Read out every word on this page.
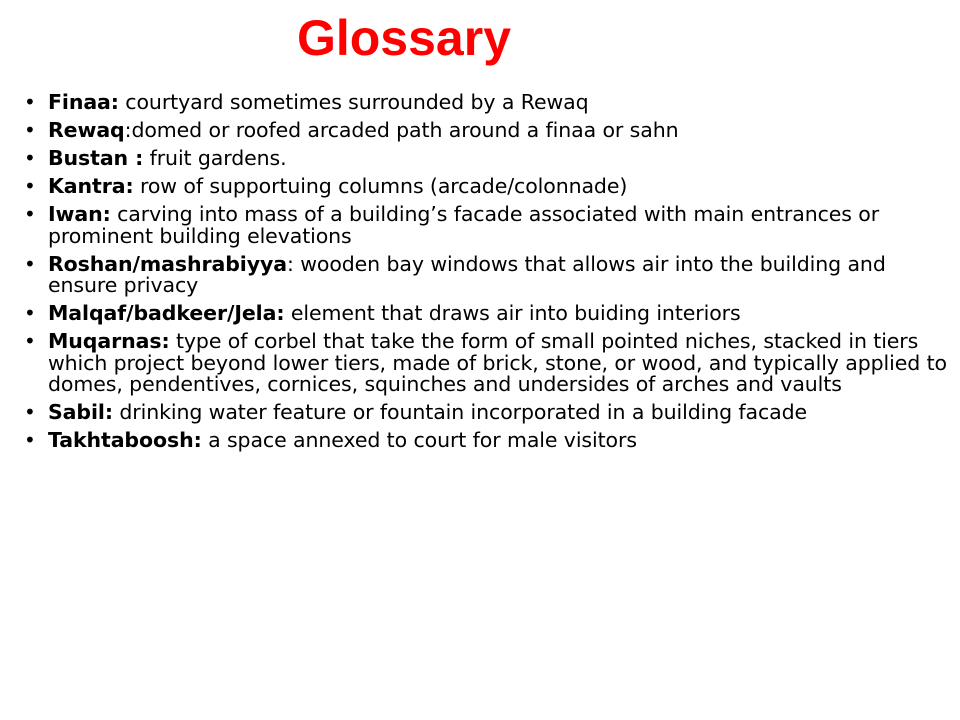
Glossary
• Finaa: courtyard sometimes surrounded by a Rewaq
• Rewaq:domed or roofed arcaded path around a finaa or sahn
• Bustan : fruit gardens.
• Kantra: row of supportuing columns (arcade/colonnade)
• Iwan: carving into mass of a building’s facade associated with main entrances or prominent building elevations
• Roshan/mashrabiyya: wooden bay windows that allows air into the building and ensure privacy
• Malqaf/badkeer/Jela: element that draws air into buiding interiors
• Muqarnas: type of corbel that take the form of small pointed niches, stacked in tiers which project beyond lower tiers, made of brick, stone, or wood, and typically applied to domes, pendentives, cornices, squinches and undersides of arches and vaults
• Sabil: drinking water feature or fountain incorporated in a building facade
• Takhtaboosh: a space annexed to court for male visitors
